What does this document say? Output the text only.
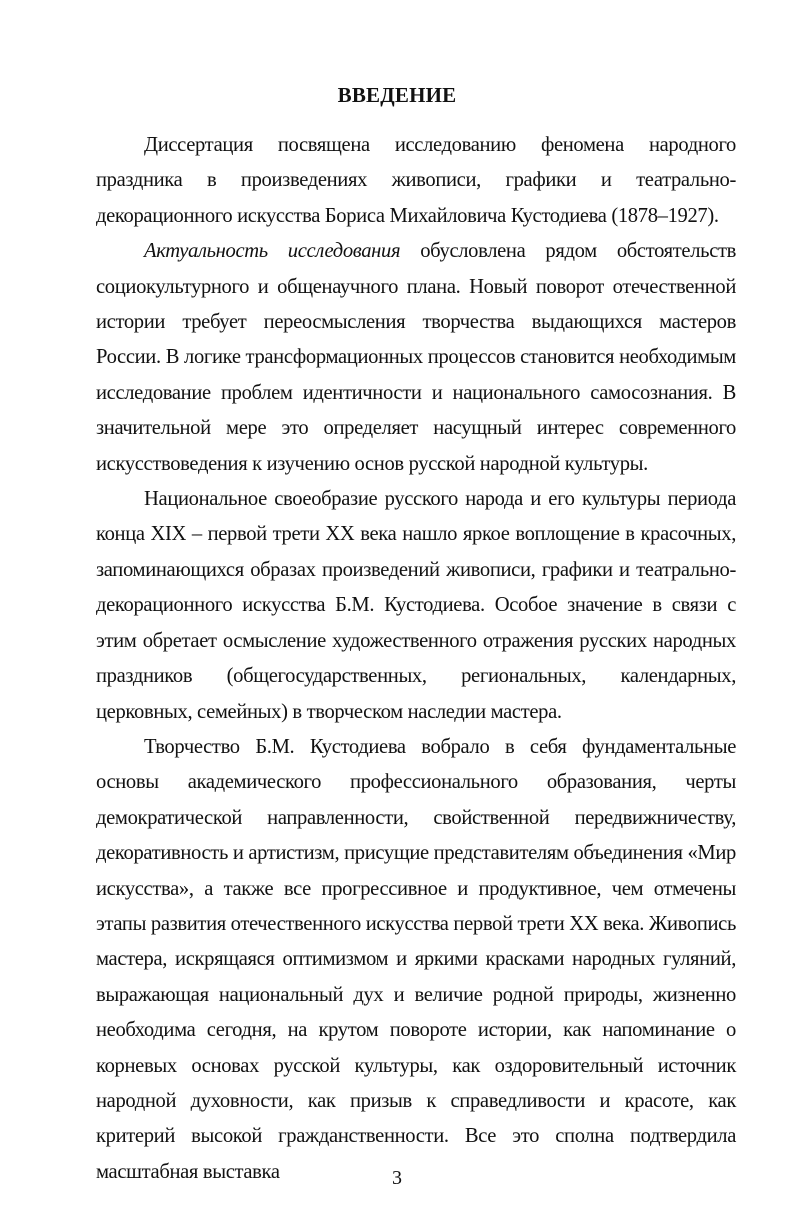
ВВЕДЕНИЕ

Диссертация посвящена исследованию феномена народного праздника в произведениях живописи, графики и театрально-декорационного искусства Бориса Михайловича Кустодиева (1878–1927).

Актуальность исследования обусловлена рядом обстоятельств социокультурного и общенаучного плана. Новый поворот отечественной истории требует переосмысления творчества выдающихся мастеров России. В логике трансформационных процессов становится необходимым исследование проблем идентичности и национального самосознания. В значительной мере это определяет насущный интерес современного искусствоведения к изучению основ русской народной культуры.

Национальное своеобразие русского народа и его культуры периода конца XIX – первой трети XX века нашло яркое воплощение в красочных, запоминающихся образах произведений живописи, графики и театрально-декорационного искусства Б.М. Кустодиева. Особое значение в связи с этим обретает осмысление художественного отражения русских народных праздников (общегосударственных, региональных, календарных, церковных, семейных) в творческом наследии мастера.

Творчество Б.М. Кустодиева вобрало в себя фундаментальные основы академического профессионального образования, черты демократической направленности, свойственной передвижничеству, декоративность и артистизм, присущие представителям объединения «Мир искусства», а также все прогрессивное и продуктивное, чем отмечены этапы развития отечественного искусства первой трети XX века. Живопись мастера, искрящаяся оптимизмом и яркими красками народных гуляний, выражающая национальный дух и величие родной природы, жизненно необходима сегодня, на крутом повороте истории, как напоминание о корневых основах русской культуры, как оздоровительный источник народной духовности, как призыв к справедливости и красоте, как критерий высокой гражданственности. Все это сполна подтвердила масштабная выставка	3
